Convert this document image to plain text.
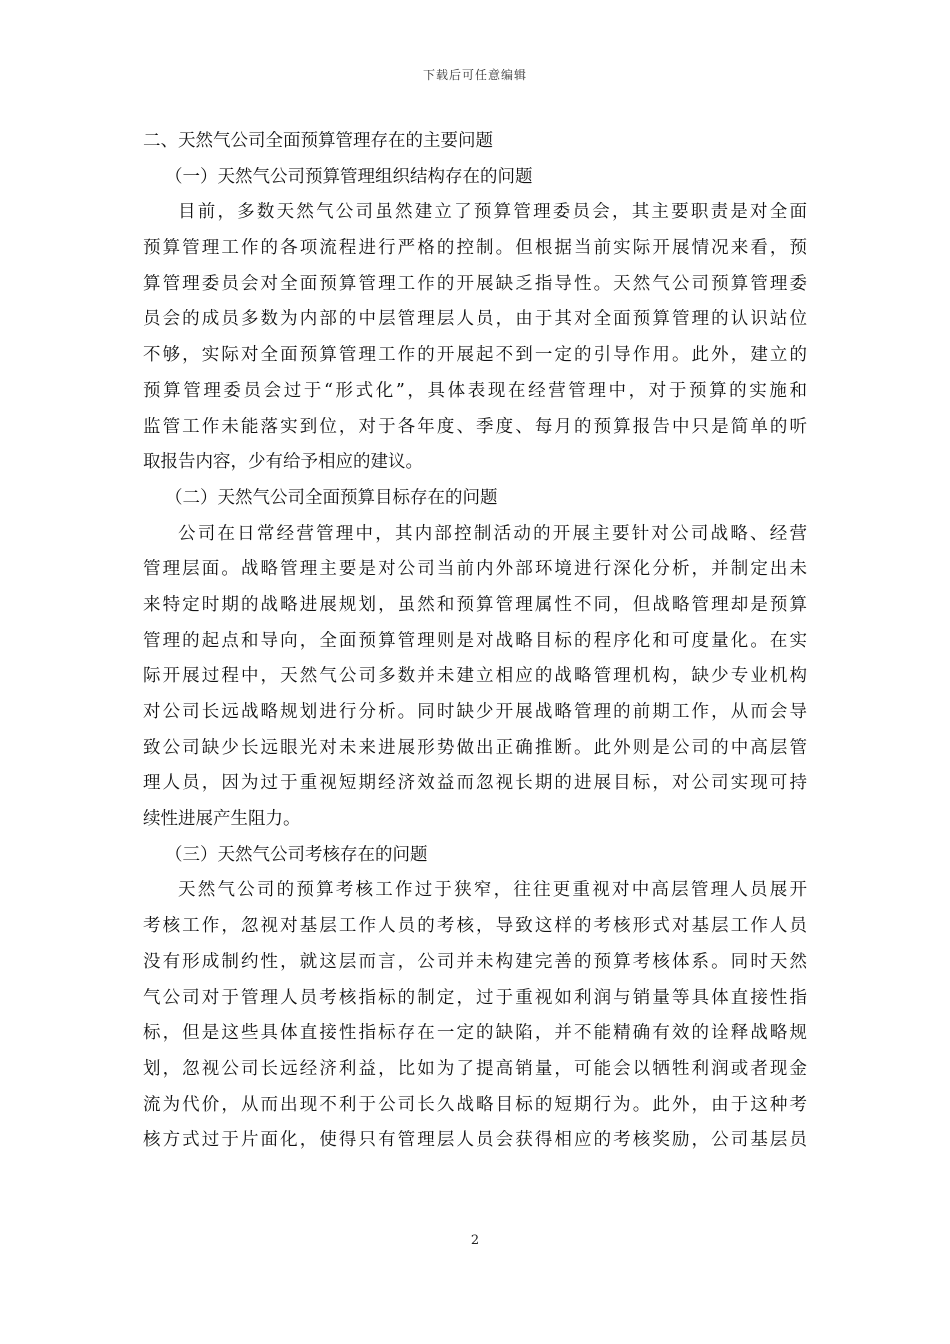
下载后可任意编辑
二、天然气公司全面预算管理存在的主要问题
（一）天然气公司预算管理组织结构存在的问题
目前，多数天然气公司虽然建立了预算管理委员会，其主要职责是对全面
预算管理工作的各项流程进行严格的控制。但根据当前实际开展情况来看，预
算管理委员会对全面预算管理工作的开展缺乏指导性。天然气公司预算管理委
员会的成员多数为内部的中层管理层人员，由于其对全面预算管理的认识站位
不够，实际对全面预算管理工作的开展起不到一定的引导作用。此外，建立的
预算管理委员会过于“形式化”，具体表现在经营管理中，对于预算的实施和
监管工作未能落实到位，对于各年度、季度、每月的预算报告中只是简单的听
取报告内容，少有给予相应的建议。
（二）天然气公司全面预算目标存在的问题
公司在日常经营管理中，其内部控制活动的开展主要针对公司战略、经营
管理层面。战略管理主要是对公司当前内外部环境进行深化分析，并制定出未
来特定时期的战略进展规划，虽然和预算管理属性不同，但战略管理却是预算
管理的起点和导向，全面预算管理则是对战略目标的程序化和可度量化。在实
际开展过程中，天然气公司多数并未建立相应的战略管理机构，缺少专业机构
对公司长远战略规划进行分析。同时缺少开展战略管理的前期工作，从而会导
致公司缺少长远眼光对未来进展形势做出正确推断。此外则是公司的中高层管
理人员，因为过于重视短期经济效益而忽视长期的进展目标，对公司实现可持
续性进展产生阻力。
（三）天然气公司考核存在的问题
天然气公司的预算考核工作过于狭窄，往往更重视对中高层管理人员展开
考核工作，忽视对基层工作人员的考核，导致这样的考核形式对基层工作人员
没有形成制约性，就这层而言，公司并未构建完善的预算考核体系。同时天然
气公司对于管理人员考核指标的制定，过于重视如利润与销量等具体直接性指
标，但是这些具体直接性指标存在一定的缺陷，并不能精确有效的诠释战略规
划，忽视公司长远经济利益，比如为了提高销量，可能会以牺牲利润或者现金
流为代价，从而出现不利于公司长久战略目标的短期行为。此外，由于这种考
核方式过于片面化，使得只有管理层人员会获得相应的考核奖励，公司基层员
2
